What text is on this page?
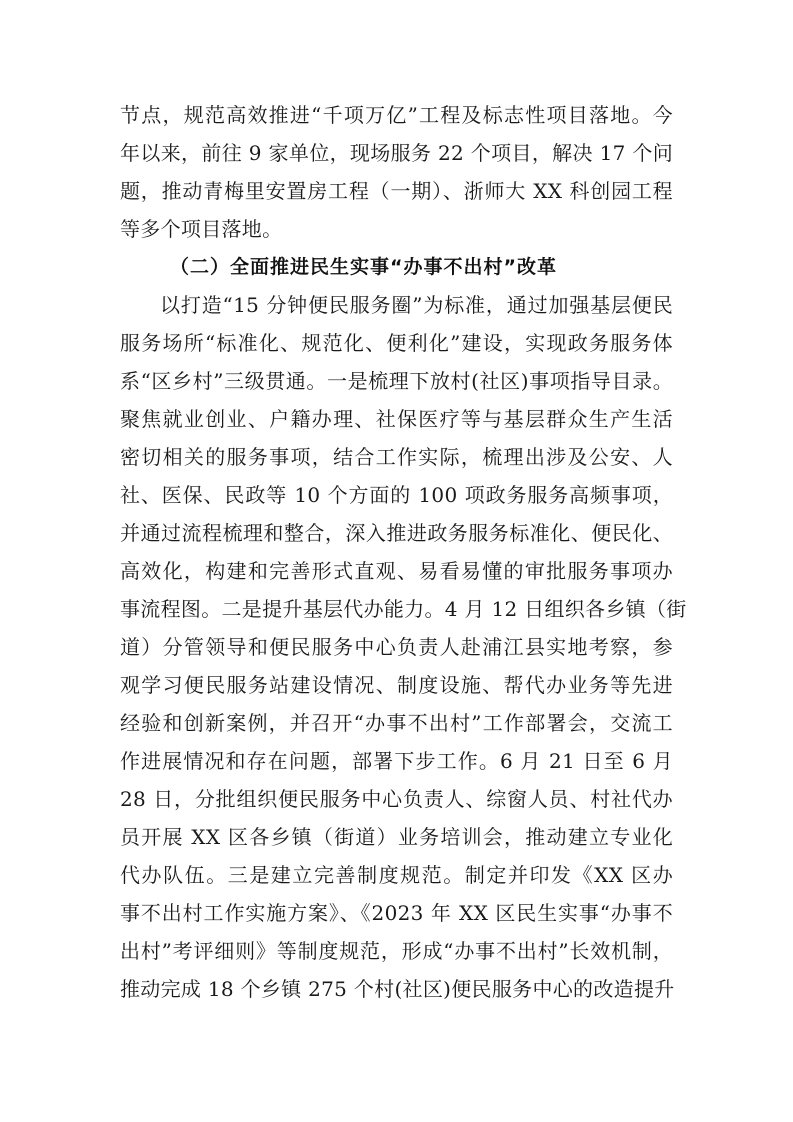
节点，规范高效推进“千项万亿”工程及标志性项目落地。今
年以来，前往 9 家单位，现场服务 22 个项目，解决 17 个问
题，推动青梅里安置房工程（一期）、浙师大 XX 科创园工程
等多个项目落地。
（二）全面推进民生实事“办事不出村”改革
以打造“15 分钟便民服务圈”为标准，通过加强基层便民
服务场所“标准化、规范化、便利化”建设，实现政务服务体
系“区乡村”三级贯通。一是梳理下放村(社区)事项指导目录。
聚焦就业创业、户籍办理、社保医疗等与基层群众生产生活
密切相关的服务事项，结合工作实际，梳理出涉及公安、人
社、医保、民政等 10 个方面的 100 项政务服务高频事项，
并通过流程梳理和整合，深入推进政务服务标准化、便民化、
高效化，构建和完善形式直观、易看易懂的审批服务事项办
事流程图。二是提升基层代办能力。4 月 12 日组织各乡镇（街
道）分管领导和便民服务中心负责人赴浦江县实地考察，参
观学习便民服务站建设情况、制度设施、帮代办业务等先进
经验和创新案例，并召开“办事不出村”工作部署会，交流工
作进展情况和存在问题，部署下步工作。6 月 21 日至 6 月
28 日，分批组织便民服务中心负责人、综窗人员、村社代办
员开展 XX 区各乡镇（街道）业务培训会，推动建立专业化
代办队伍。三是建立完善制度规范。制定并印发《XX 区办
事不出村工作实施方案》、《2023 年 XX 区民生实事“办事不
出村”考评细则》等制度规范，形成“办事不出村”长效机制，
推动完成 18 个乡镇 275 个村(社区)便民服务中心的改造提升
